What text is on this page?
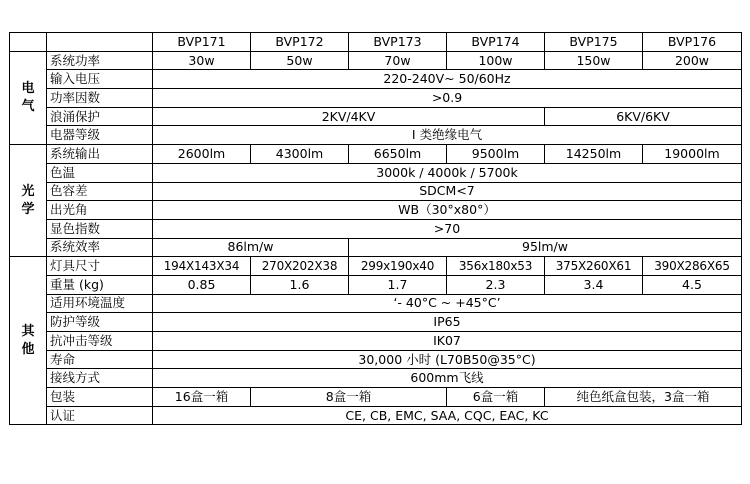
		BVP171	BVP172	BVP173	BVP174	BVP175	BVP176

电
气	系统功率	30w	50w	70w	100w	150w	200w
	输入电压	220-240V~ 50/60Hz					
	功率因数	>0.9					
	浪涌保护	2KV/4KV				6KV/6KV	
	电器等级	I 类绝缘电气					

光
学	系统输出	2600lm	4300lm	6650lm	9500lm	14250lm	19000lm
	色温	3000k / 4000k / 5700k					
	色容差	SDCM<7					
	出光角	WB（30°x80°）					
	显色指数	>70					
	系统效率	86lm/w		95lm/w			

其
他	灯具尺寸	194X143X34	270X202X38	299x190x40	356x180x53	375X260X61	390X286X65
	重量 (kg)	0.85	1.6	1.7	2.3	3.4	4.5
	适用环境温度	‘- 40°C ~ +45°C’					
	防护等级	IP65					
	抗冲击等级	IK07					
	寿命	30,000 小时 (L70B50@35°C)					
	接线方式	600mm飞线					
	包装	16盒一箱	8盒一箱		6盒一箱	纯色纸盒包装，3盒一箱	
	认证	CE, CB, EMC, SAA, CQC, EAC, KC					
